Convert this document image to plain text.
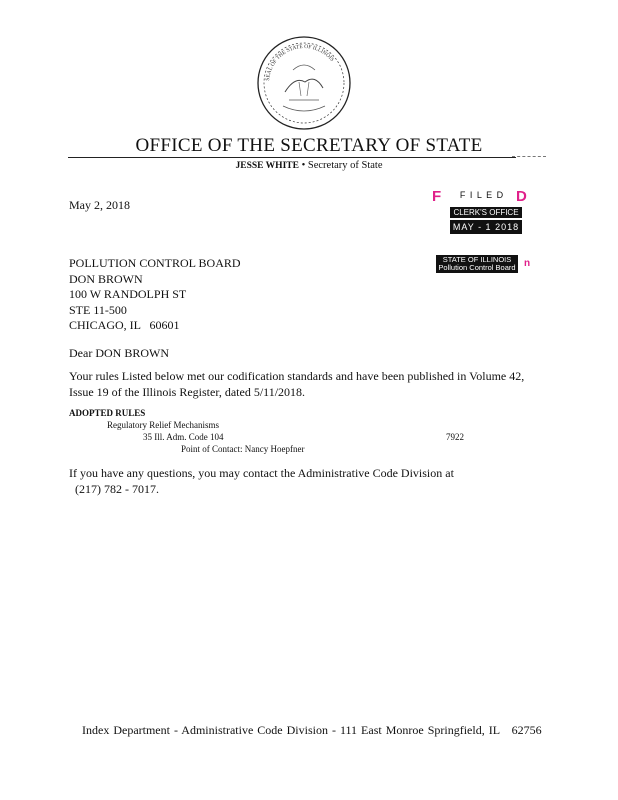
SEAL OF THE STATE OF ILLINOIS
OFFICE OF THE SECRETARY OF STATE
JESSE WHITE • Secretary of State
May 2, 2018	F	F I L E D D
CLERK'S OFFICE
MAY - 1 2018
STATE OF ILLINOIS
Pollution Control Board n
POLLUTION CONTROL BOARD
DON BROWN
100 W RANDOLPH ST
STE 11-500
CHICAGO, IL   60601
Dear DON BROWN
Your rules Listed below met our codification standards and have been published in Volume 42, Issue 19 of the Illinois Register, dated 5/11/2018.
ADOPTED RULES
Regulatory Relief Mechanisms
35 Ill. Adm. Code 104	7922
Point of Contact: Nancy Hoepfner
If you have any questions, you may contact the Administrative Code Division at
(217) 782 - 7017.
Index Department - Administrative Code Division - 111 East Monroe Springfield, IL   62756
